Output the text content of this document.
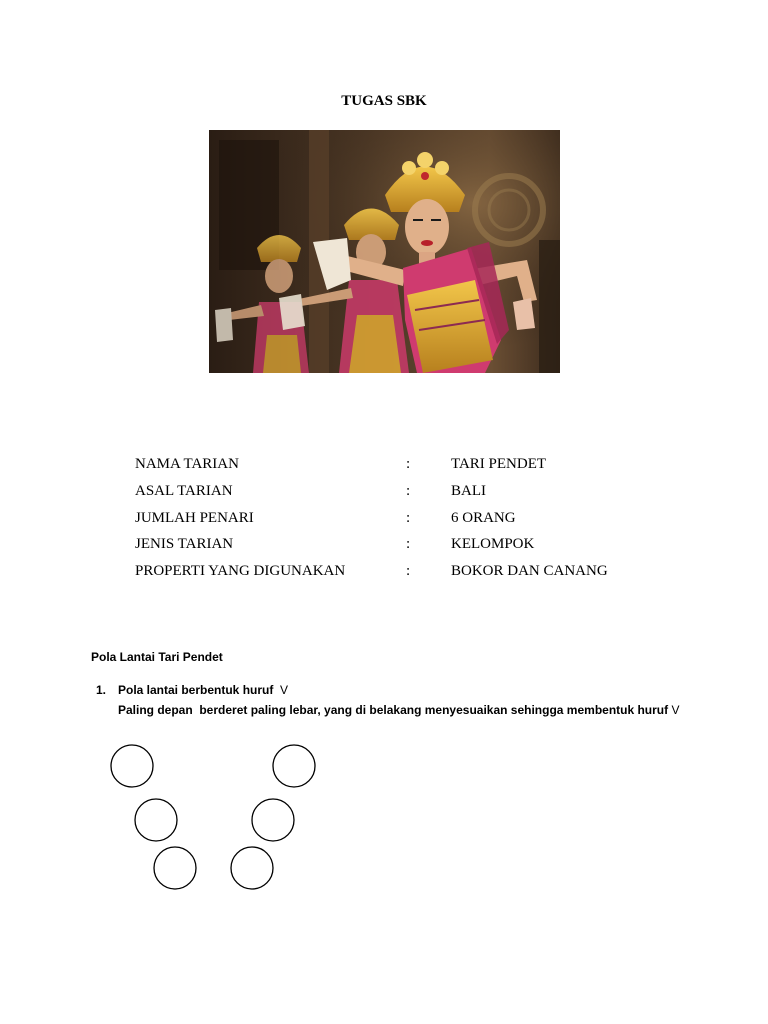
TUGAS SBK
NAMA TARIAN	:	TARI PENDET
ASAL TARIAN	:	BALI
JUMLAH PENARI	:	6 ORANG
JENIS TARIAN	:	KELOMPOK
PROPERTI YANG DIGUNAKAN	:	BOKOR DAN CANANG
Pola Lantai Tari Pendet
1. Pola lantai berbentuk huruf  V
Paling depan  berderet paling lebar, yang di belakang menyesuaikan sehingga membentuk huruf V
